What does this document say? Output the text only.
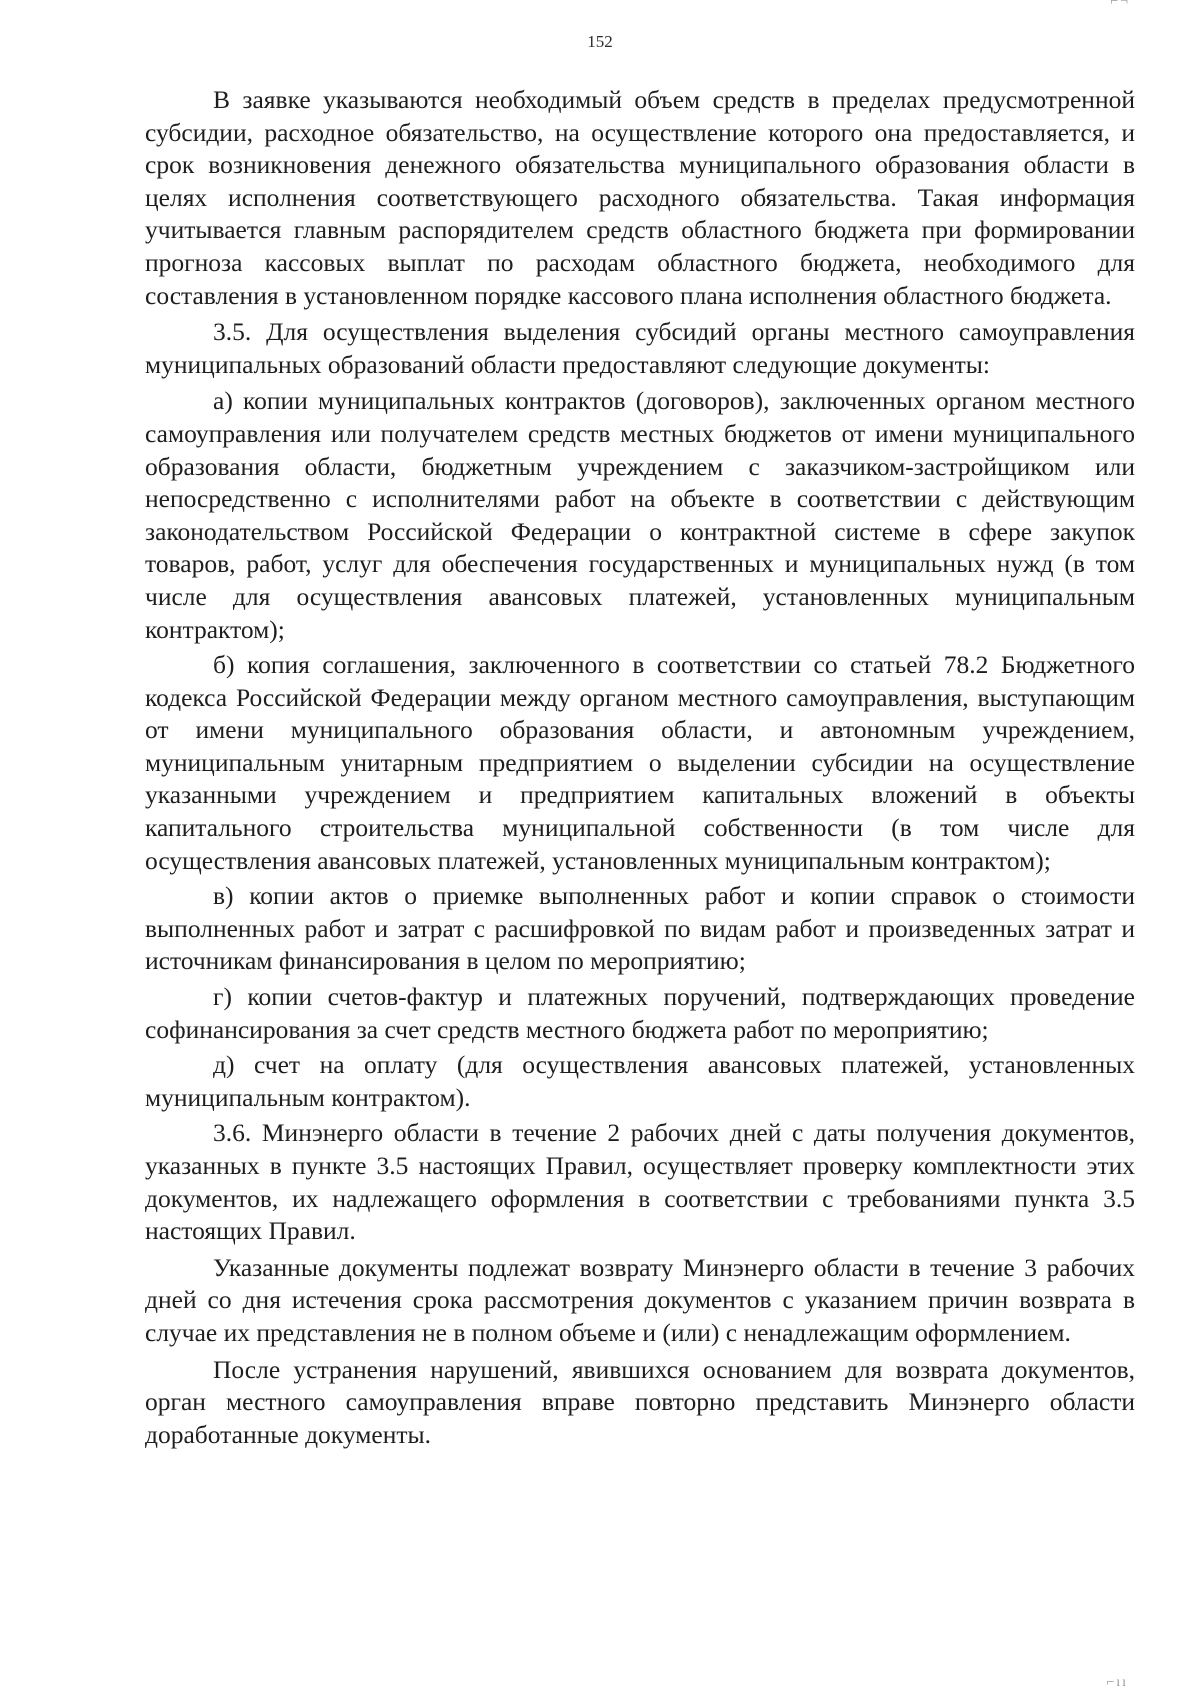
⌐¬
152

В заявке указываются необходимый объем средств в пределах предусмотренной субсидии, расходное обязательство, на осуществление которого она предоставляется, и срок возникновения денежного обязательства муниципального образования области в целях исполнения соответствующего расходного обязательства. Такая информация учитывается главным распорядителем средств областного бюджета при формировании прогноза кассовых выплат по расходам областного бюджета, необходимого для составления в установленном порядке кассового плана исполнения областного бюджета.

3.5. Для осуществления выделения субсидий органы местного самоуправления муниципальных образований области предоставляют следующие документы:

а) копии муниципальных контрактов (договоров), заключенных органом местного самоуправления или получателем средств местных бюджетов от имени муниципального образования области, бюджетным учреждением с заказчиком-застройщиком или непосредственно с исполнителями работ на объекте в соответствии с действующим законодательством Российской Федерации о контрактной системе в сфере закупок товаров, работ, услуг для обеспечения государственных и муниципальных нужд (в том числе для осуществления авансовых платежей, установленных муниципальным контрактом);

б) копия соглашения, заключенного в соответствии со статьей 78.2 Бюджетного кодекса Российской Федерации между органом местного самоуправления, выступающим от имени муниципального образования области, и автономным учреждением, муниципальным унитарным предприятием о выделении субсидии на осуществление указанными учреждением и предприятием капитальных вложений в объекты капитального строительства муниципальной собственности (в том числе для осуществления авансовых платежей, установленных муниципальным контрактом);

в) копии актов о приемке выполненных работ и копии справок о стоимости выполненных работ и затрат с расшифровкой по видам работ и произведенных затрат и источникам финансирования в целом по мероприятию;

г) копии счетов-фактур и платежных поручений, подтверждающих проведение софинансирования за счет средств местного бюджета работ по мероприятию;

д) счет на оплату (для осуществления авансовых платежей, установленных муниципальным контрактом).

3.6. Минэнерго области в течение 2 рабочих дней с даты получения документов, указанных в пункте 3.5 настоящих Правил, осуществляет проверку комплектности этих документов, их надлежащего оформления в соответствии с требованиями пункта 3.5 настоящих Правил.

Указанные документы подлежат возврату Минэнерго области в течение 3 рабочих дней со дня истечения срока рассмотрения документов с указанием причин возврата в случае их представления не в полном объеме и (или) с ненадлежащим оформлением.

После устранения нарушений, явившихся основанием для возврата документов, орган местного самоуправления вправе повторно представить Минэнерго области доработанные документы.

⌐ıı
